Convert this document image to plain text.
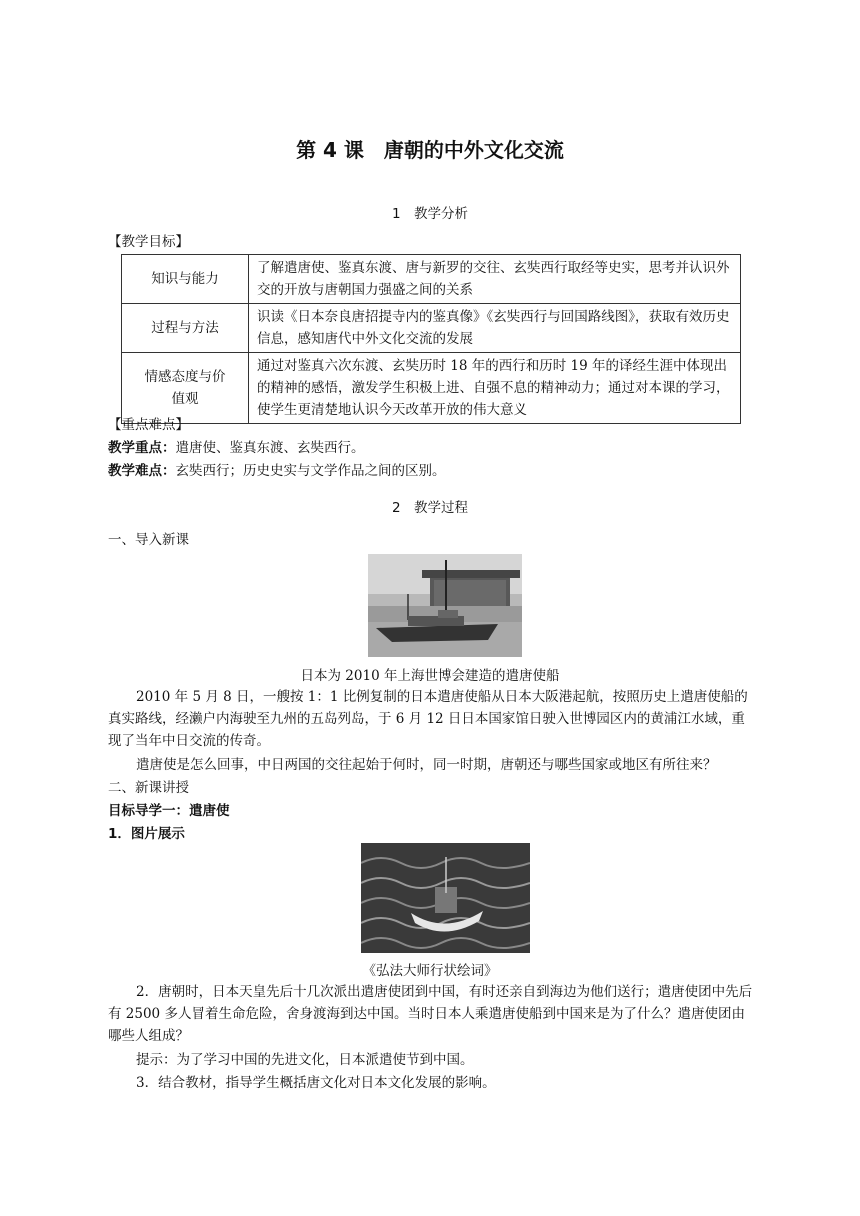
第 4 课　唐朝的中外文化交流
1　教学分析
【教学目标】
知识与能力	了解遣唐使、鉴真东渡、唐与新罗的交往、玄奘西行取经等史实，思考并认识外交的开放与唐朝国力强盛之间的关系
过程与方法	识读《日本奈良唐招提寺内的鉴真像》《玄奘西行与回国路线图》，获取有效历史信息，感知唐代中外文化交流的发展
情感态度与价值观	通过对鉴真六次东渡、玄奘历时 18 年的西行和历时 19 年的译经生涯中体现出的精神的感悟，激发学生积极上进、自强不息的精神动力；通过对本课的学习，使学生更清楚地认识今天改革开放的伟大意义
【重点难点】
教学重点：遣唐使、鉴真东渡、玄奘西行。
教学难点：玄奘西行；历史史实与文学作品之间的区别。
2　教学过程
一、导入新课
日本为 2010 年上海世博会建造的遣唐使船
2010 年 5 月 8 日，一艘按 1：1 比例复制的日本遣唐使船从日本大阪港起航，按照历史上遣唐使船的真实路线，经濑户内海驶至九州的五岛列岛，于 6 月 12 日日本国家馆日驶入世博园区内的黄浦江水域，重现了当年中日交流的传奇。
遣唐使是怎么回事，中日两国的交往起始于何时，同一时期，唐朝还与哪些国家或地区有所往来？
二、新课讲授
目标导学一：遣唐使
1．图片展示
《弘法大师行状绘词》
2．唐朝时，日本天皇先后十几次派出遣唐使团到中国，有时还亲自到海边为他们送行；遣唐使团中先后有 2500 多人冒着生命危险，舍身渡海到达中国。当时日本人乘遣唐使船到中国来是为了什么？遣唐使团由哪些人组成？
提示：为了学习中国的先进文化，日本派遣使节到中国。
3．结合教材，指导学生概括唐文化对日本文化发展的影响。
